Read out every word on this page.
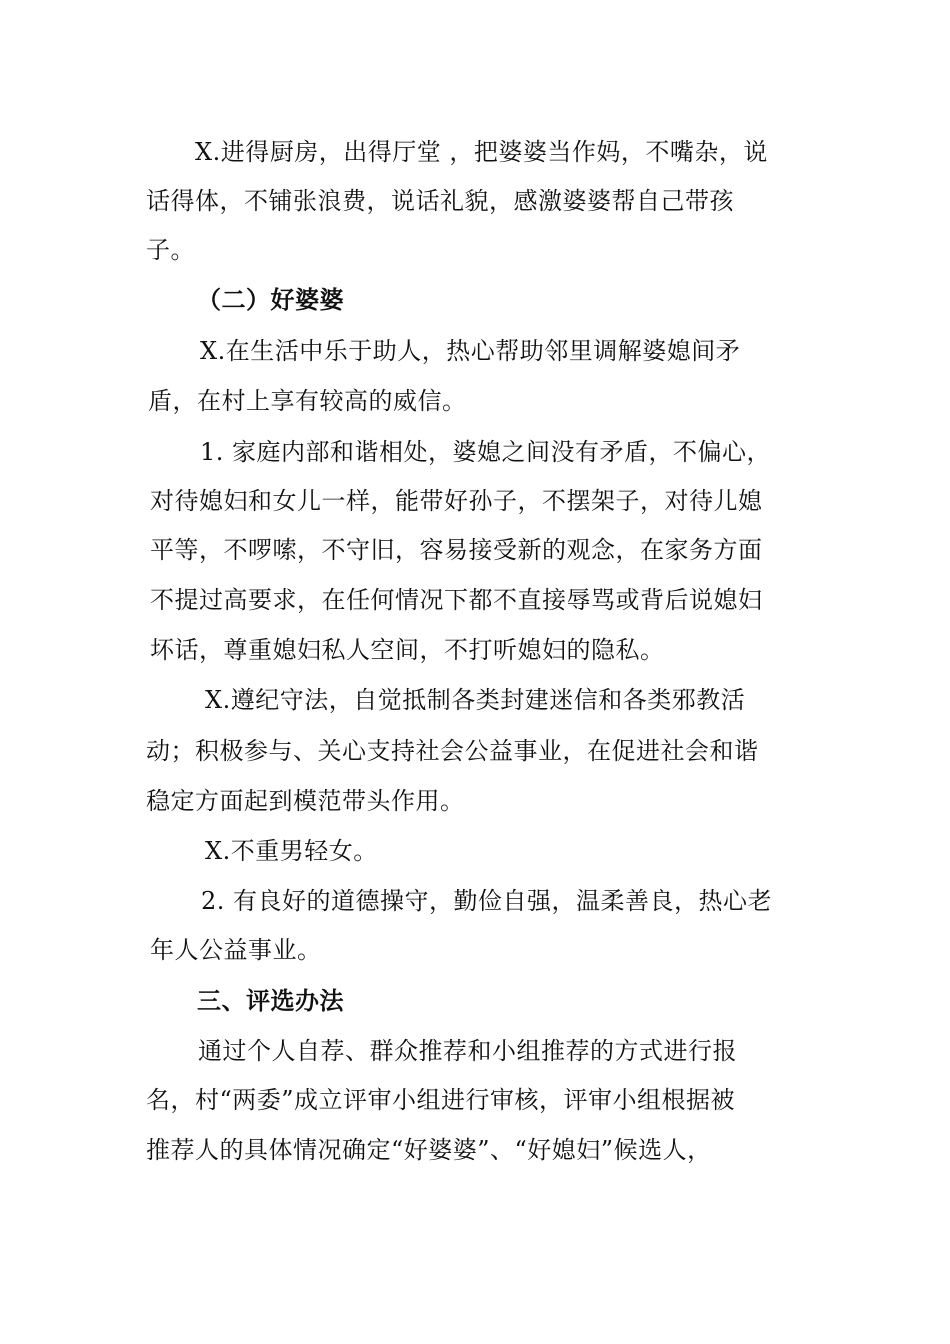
X.进得厨房，出得厅堂 ，把婆婆当作妈，不嘴杂，说
话得体，不铺张浪费，说话礼貌，感激婆婆帮自己带孩
子。
（二）好婆婆
X.在生活中乐于助人，热心帮助邻里调解婆媳间矛
盾，在村上享有较高的威信。
1. 家庭内部和谐相处，婆媳之间没有矛盾，不偏心，
对待媳妇和女儿一样，能带好孙子，不摆架子，对待儿媳
平等，不啰嗦，不守旧，容易接受新的观念，在家务方面
不提过高要求，在任何情况下都不直接辱骂或背后说媳妇
坏话，尊重媳妇私人空间，不打听媳妇的隐私。
X.遵纪守法，自觉抵制各类封建迷信和各类邪教活
动；积极参与、关心支持社会公益事业，在促进社会和谐
稳定方面起到模范带头作用。
X.不重男轻女。
2. 有良好的道德操守，勤俭自强，温柔善良，热心老
年人公益事业。
三、评选办法
通过个人自荐、群众推荐和小组推荐的方式进行报
名，村“两委”成立评审小组进行审核，评审小组根据被
推荐人的具体情况确定“好婆婆”、“好媳妇”候选人，
